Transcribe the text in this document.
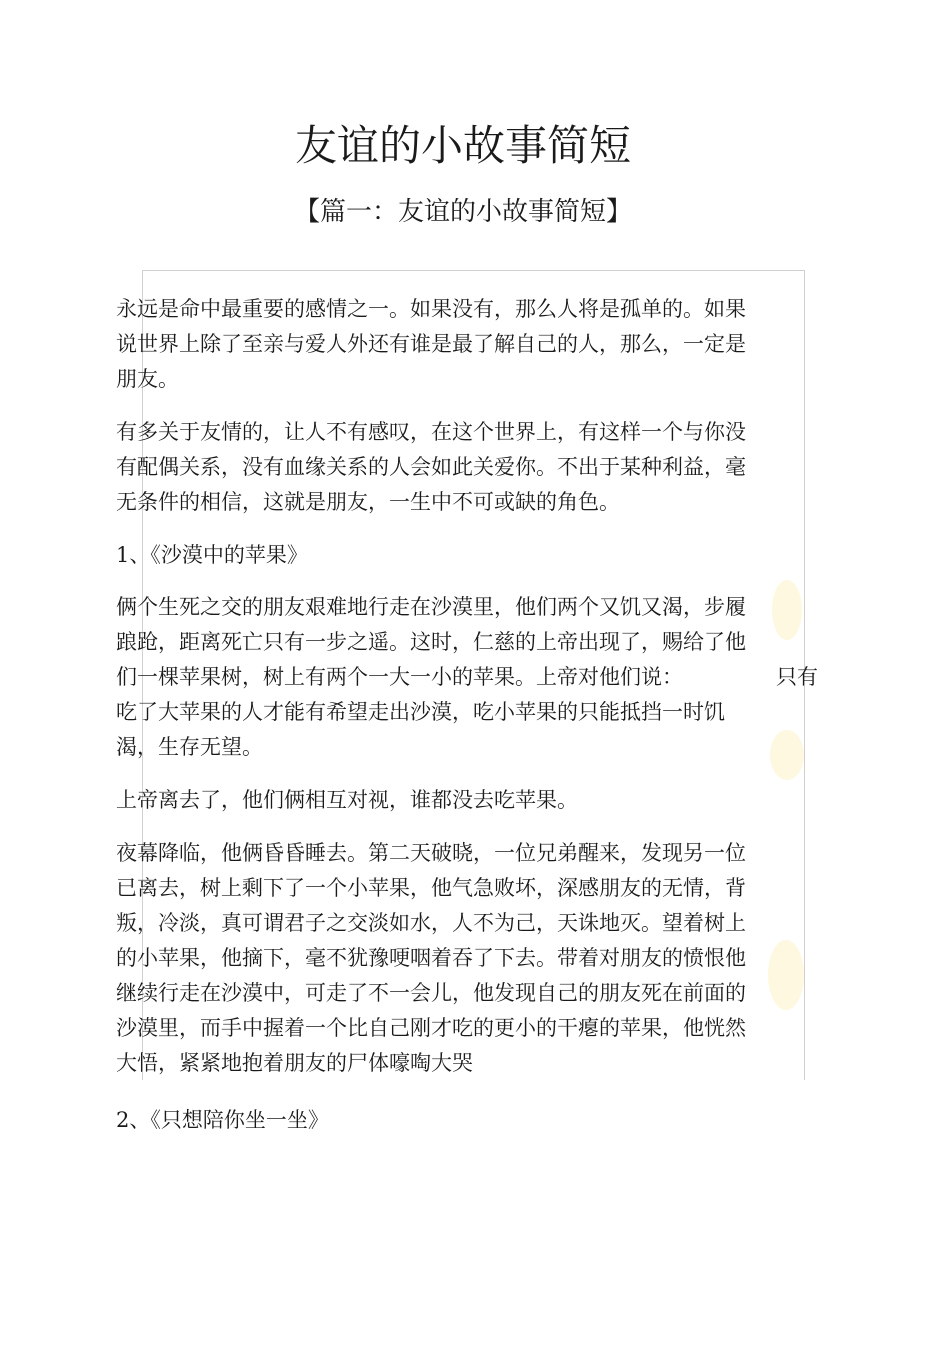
友谊的小故事简短
【篇一：友谊的小故事简短】

永远是命中最重要的感情之一。如果没有，那么人将是孤单的。如果

说世界上除了至亲与爱人外还有谁是最了解自己的人，那么，一定是

朋友。

有多关于友情的，让人不有感叹，在这个世界上，有这样一个与你没

有配偶关系，没有血缘关系的人会如此关爱你。不出于某种利益，毫

无条件的相信，这就是朋友，一生中不可或缺的角色。

1、《沙漠中的苹果》

俩个生死之交的朋友艰难地行走在沙漠里，他们两个又饥又渴，步履

踉跄，距离死亡只有一步之遥。这时，仁慈的上帝出现了，赐给了他

们一棵苹果树，树上有两个一大一小的苹果。上帝对他们说：	只有

吃了大苹果的人才能有希望走出沙漠，吃小苹果的只能抵挡一时饥

渴，生存无望。

上帝离去了，他们俩相互对视，谁都没去吃苹果。

夜幕降临，他俩昏昏睡去。第二天破晓，一位兄弟醒来，发现另一位

已离去，树上剩下了一个小苹果，他气急败坏，深感朋友的无情，背

叛，冷淡，真可谓君子之交淡如水，人不为己，天诛地灭。望着树上

的小苹果，他摘下，毫不犹豫哽咽着吞了下去。带着对朋友的愤恨他

继续行走在沙漠中，可走了不一会儿，他发现自己的朋友死在前面的

沙漠里，而手中握着一个比自己刚才吃的更小的干瘪的苹果，他恍然

大悟，紧紧地抱着朋友的尸体嚎啕大哭

2、《只想陪你坐一坐》
